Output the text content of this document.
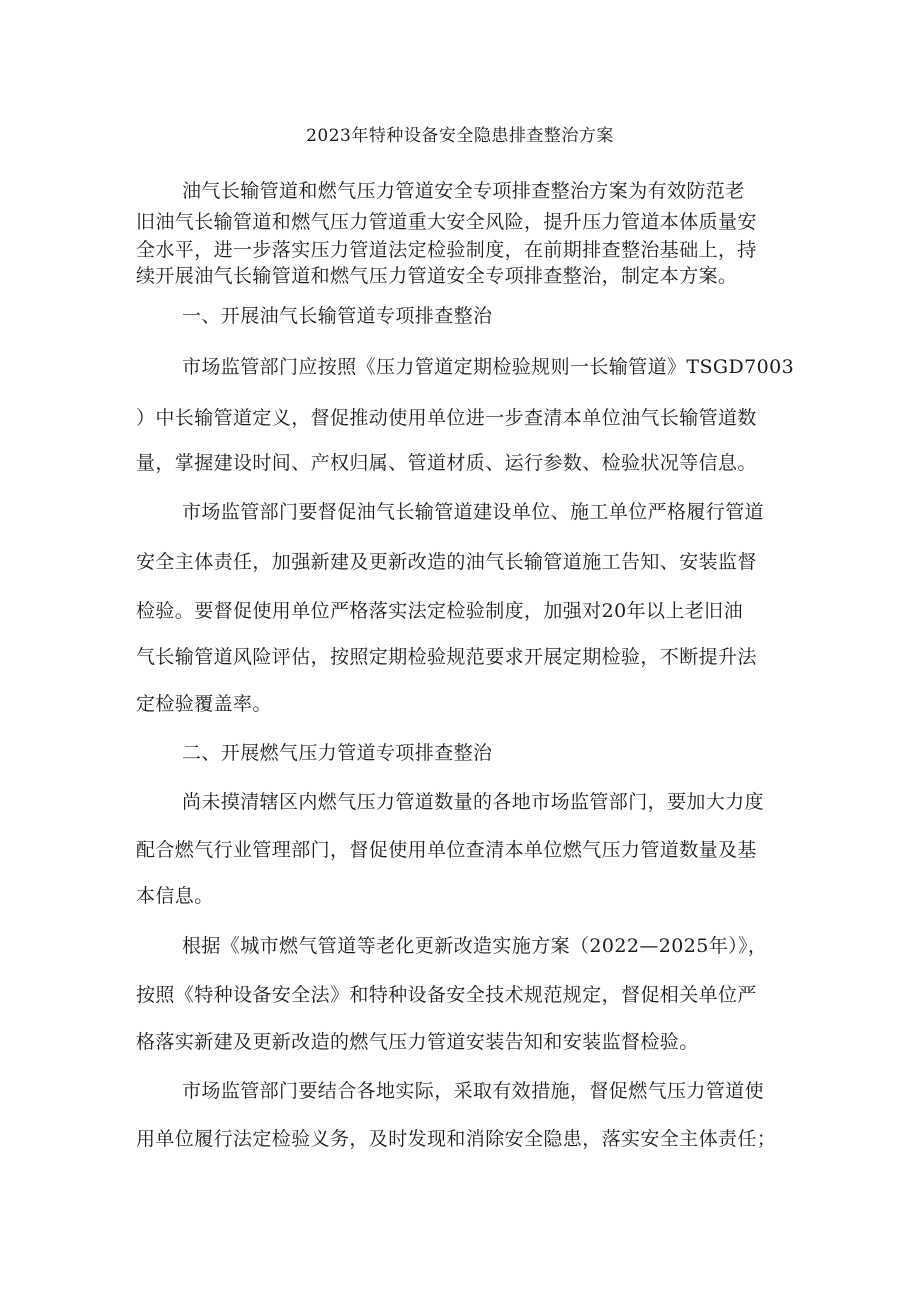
2023年特种设备安全隐患排查整治方案
油气长输管道和燃气压力管道安全专项排查整治方案为有效防范老
旧油气长输管道和燃气压力管道重大安全风险，提升压力管道本体质量安
全水平，进一步落实压力管道法定检验制度，在前期排查整治基础上，持
续开展油气长输管道和燃气压力管道安全专项排查整治，制定本方案。
一、开展油气长输管道专项排查整治
市场监管部门应按照《压力管道定期检验规则一长输管道》TSGD7003
）中长输管道定义，督促推动使用单位进一步查清本单位油气长输管道数
量，掌握建设时间、产权归属、管道材质、运行参数、检验状况等信息。
市场监管部门要督促油气长输管道建设单位、施工单位严格履行管道
安全主体责任，加强新建及更新改造的油气长输管道施工告知、安装监督
检验。要督促使用单位严格落实法定检验制度，加强对20年以上老旧油
气长输管道风险评估，按照定期检验规范要求开展定期检验，不断提升法
定检验覆盖率。
二、开展燃气压力管道专项排查整治
尚未摸清辖区内燃气压力管道数量的各地市场监管部门，要加大力度
配合燃气行业管理部门，督促使用单位查清本单位燃气压力管道数量及基
本信息。
根据《城市燃气管道等老化更新改造实施方案（2022—2025年）》，
按照《特种设备安全法》和特种设备安全技术规范规定，督促相关单位严
格落实新建及更新改造的燃气压力管道安装告知和安装监督检验。
市场监管部门要结合各地实际，采取有效措施，督促燃气压力管道使
用单位履行法定检验义务，及时发现和消除安全隐患，落实安全主体责任；
